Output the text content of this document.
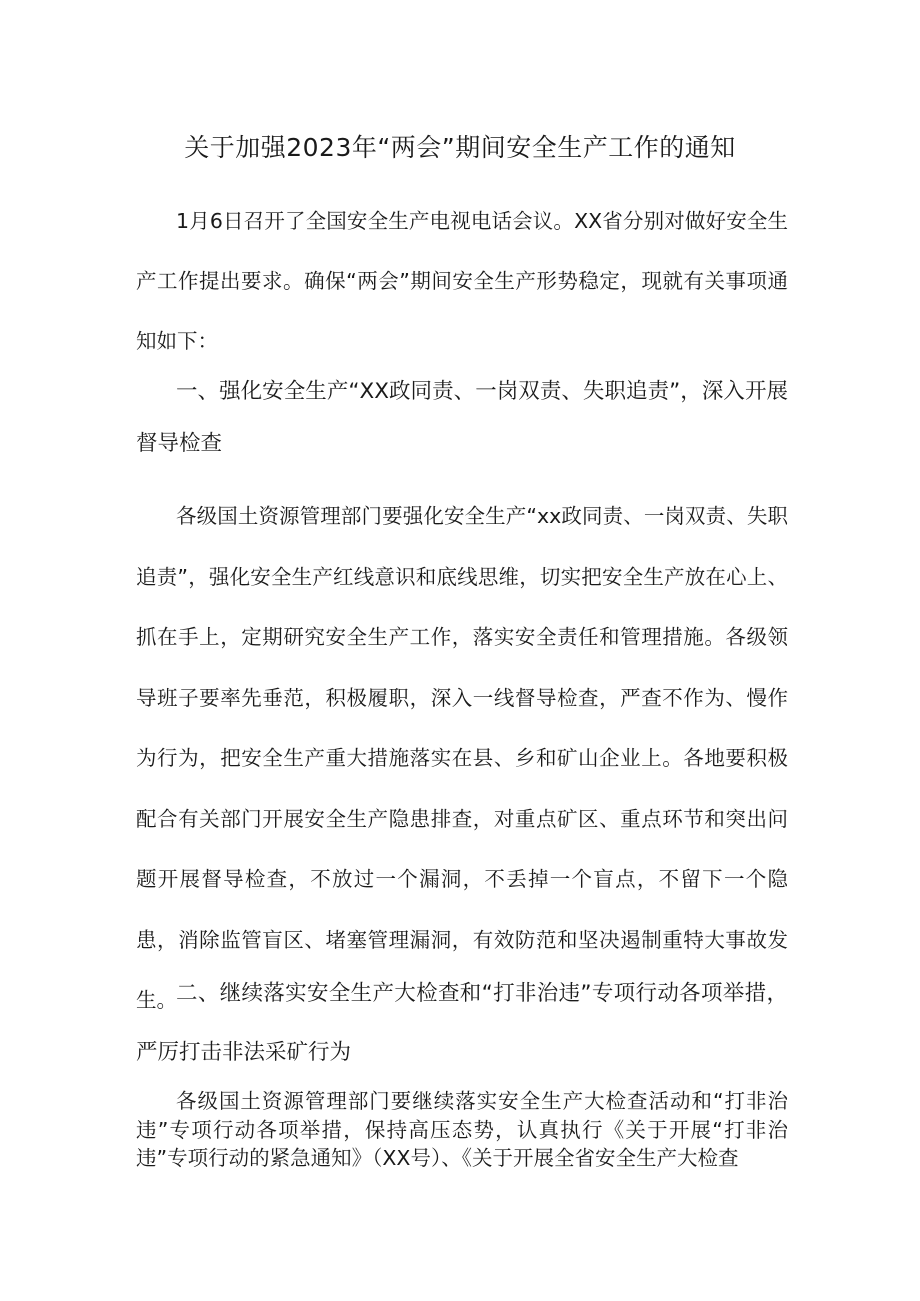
关于加强2023年“两会”期间安全生产工作的通知

1月6日召开了全国安全生产电视电话会议。XX省分别对做好安全生产工作提出要求。确保“两会”期间安全生产形势稳定，现就有关事项通知如下：

一、强化安全生产“XX政同责、一岗双责、失职追责”，深入开展督导检查

各级国土资源管理部门要强化安全生产“xx政同责、一岗双责、失职追责”，强化安全生产红线意识和底线思维，切实把安全生产放在心上、抓在手上，定期研究安全生产工作，落实安全责任和管理措施。各级领导班子要率先垂范，积极履职，深入一线督导检查，严查不作为、慢作为行为，把安全生产重大措施落实在县、乡和矿山企业上。各地要积极配合有关部门开展安全生产隐患排查，对重点矿区、重点环节和突出问题开展督导检查，不放过一个漏洞，不丢掉一个盲点，不留下一个隐患，消除监管盲区、堵塞管理漏洞，有效防范和坚决遏制重特大事故发生。 二、继续落实安全生产大检查和“打非治违”专项行动各项举措，严厉打击非法采矿行为

各级国土资源管理部门要继续落实安全生产大检查活动和“打非治违”专项行动各项举措，保持高压态势，认真执行《关于开展“打非治违”专项行动的紧急通知》（XX号）、《关于开展全省安全生产大检查
